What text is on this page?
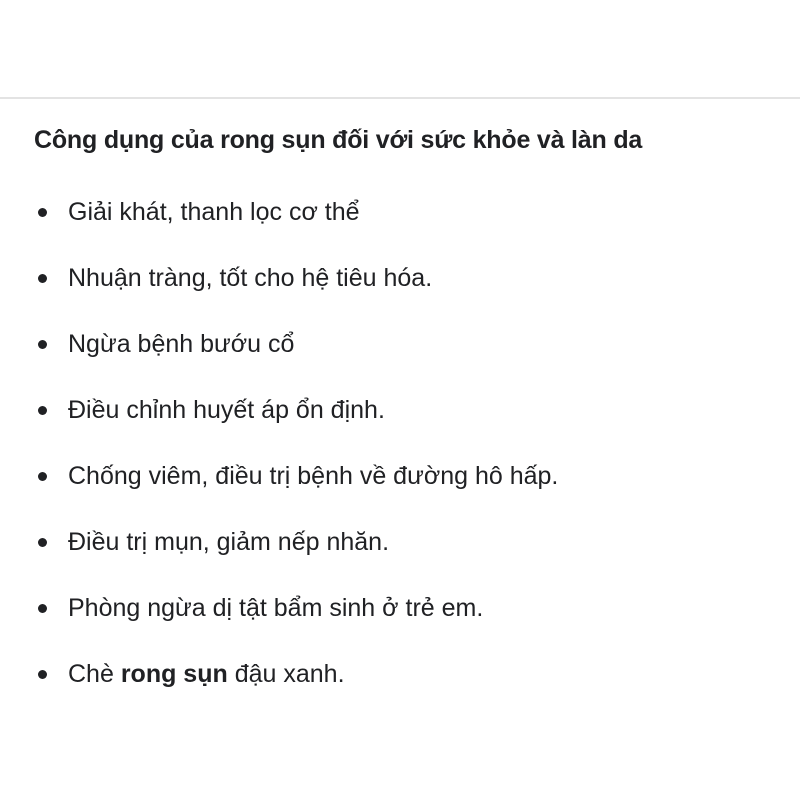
Công dụng của rong sụn đối với sức khỏe và làn da
Giải khát, thanh lọc cơ thể
Nhuận tràng, tốt cho hệ tiêu hóa.
Ngừa bệnh bướu cổ
Điều chỉnh huyết áp ổn định.
Chống viêm, điều trị bệnh về đường hô hấp.
Điều trị mụn, giảm nếp nhăn.
Phòng ngừa dị tật bẩm sinh ở trẻ em.
Chè rong sụn đậu xanh.
